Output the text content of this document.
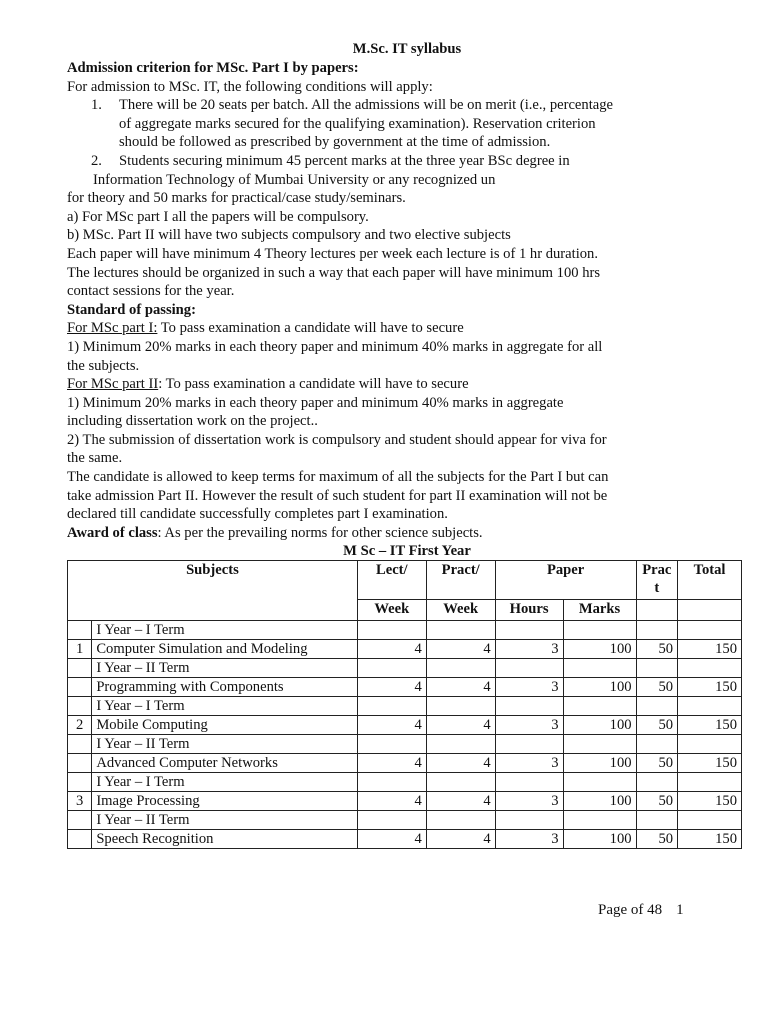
M.Sc. IT syllabus
Admission criterion for MSc. Part I by papers:
For admission to MSc. IT, the following conditions will apply:
1. There will be 20 seats per batch. All the admissions will be on merit (i.e., percentage
of aggregate marks secured for the qualifying examination). Reservation criterion
should be followed as prescribed by government at the time of admission.
2. Students securing minimum 45 percent marks at the three year BSc degree in
Information Technology of Mumbai University or any recognized un
for theory and 50 marks for practical/case study/seminars.
a) For MSc part I all the papers will be compulsory.
b) MSc. Part II will have two subjects compulsory and two elective subjects
Each paper will have minimum 4 Theory lectures per week each lecture is of 1 hr duration.
The lectures should be organized in such a way that each paper will have minimum 100 hrs
contact sessions for the year.
Standard of passing:
For MSc part I: To pass examination a candidate will have to secure
1) Minimum 20% marks in each theory paper and minimum 40% marks in aggregate for all
the subjects.
For MSc part II: To pass examination a candidate will have to secure
1) Minimum 20% marks in each theory paper and minimum 40% marks in aggregate
including dissertation work on the project..
2) The submission of dissertation work is compulsory and student should appear for viva for
the same.
The candidate is allowed to keep terms for maximum of all the subjects for the Part I but can
take admission Part II. However the result of such student for part II examination will not be
declared till candidate successfully completes part I examination.
Award of class: As per the prevailing norms for other science subjects.
M Sc – IT First Year
Subjects		Lect/	Pract/	Paper		Prac t	Total
		Week	Week	Hours	Marks		
	I Year – I Term						
1	Computer Simulation and Modeling	4	4	3	100	50	150
	I Year – II Term						
	Programming with Components	4	4	3	100	50	150
	I Year – I Term						
2	Mobile Computing	4	4	3	100	50	150
	I Year – II Term						
	Advanced Computer Networks	4	4	3	100	50	150
	I Year – I Term						
3	Image Processing	4	4	3	100	50	150
	I Year – II Term						
	Speech Recognition	4	4	3	100	50	150
Page of 48 1
